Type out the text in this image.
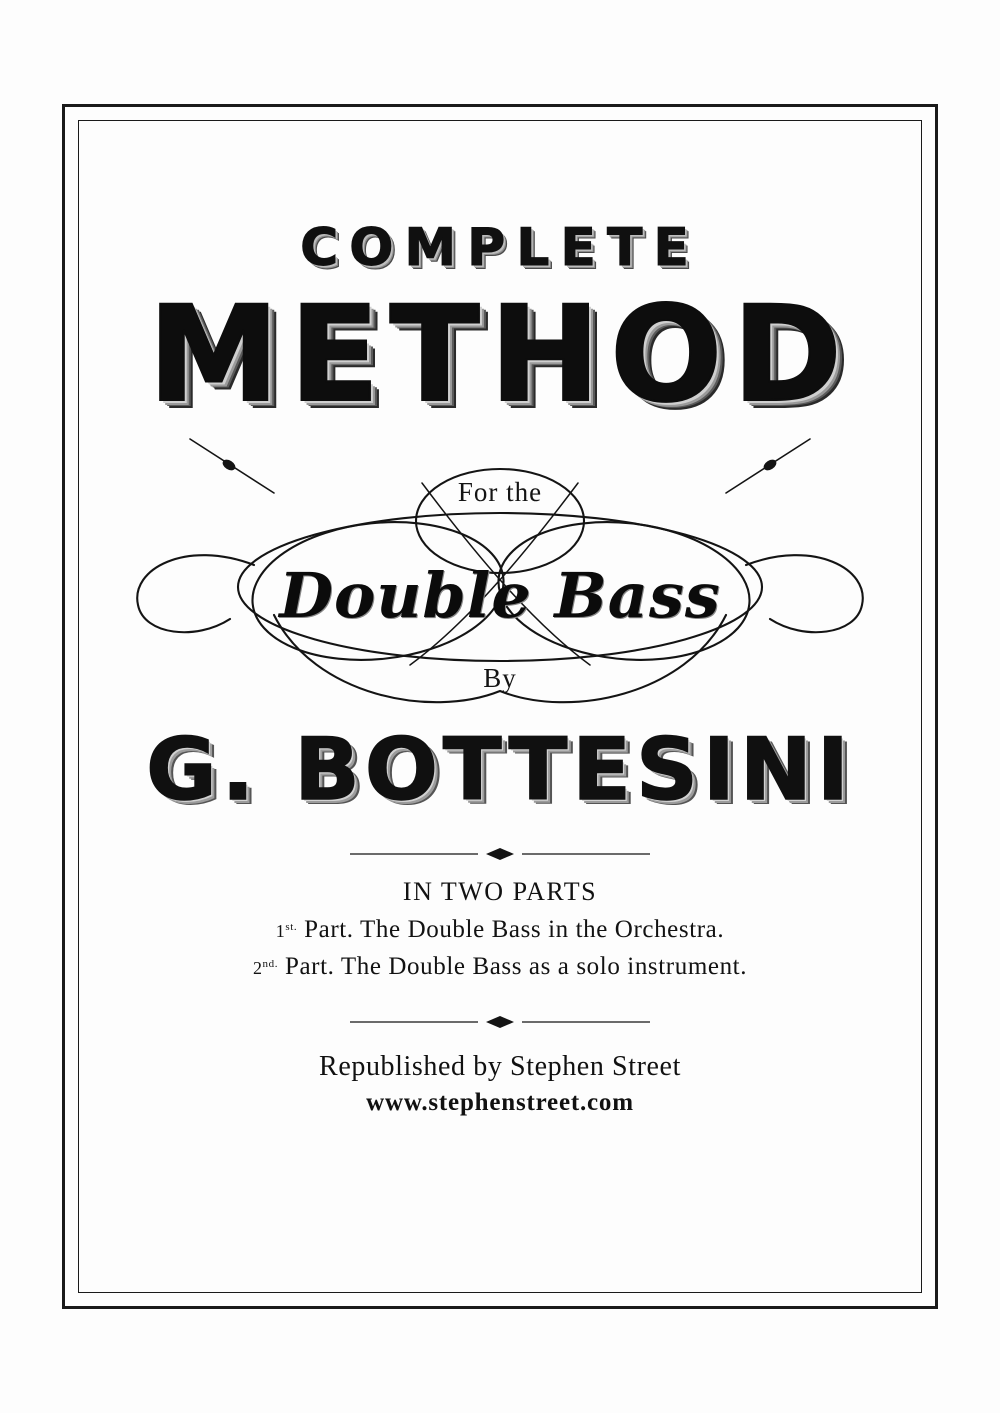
COMPLETE
METHOD
For the
Double Bass
By
G. BOTTESINI
IN TWO PARTS
$1^{st.}$ Part. The Double Bass in the Orchestra.
$2^{nd.}$ Part. The Double Bass as a solo instrument.
Republished by Stephen Street
www.stephenstreet.com
